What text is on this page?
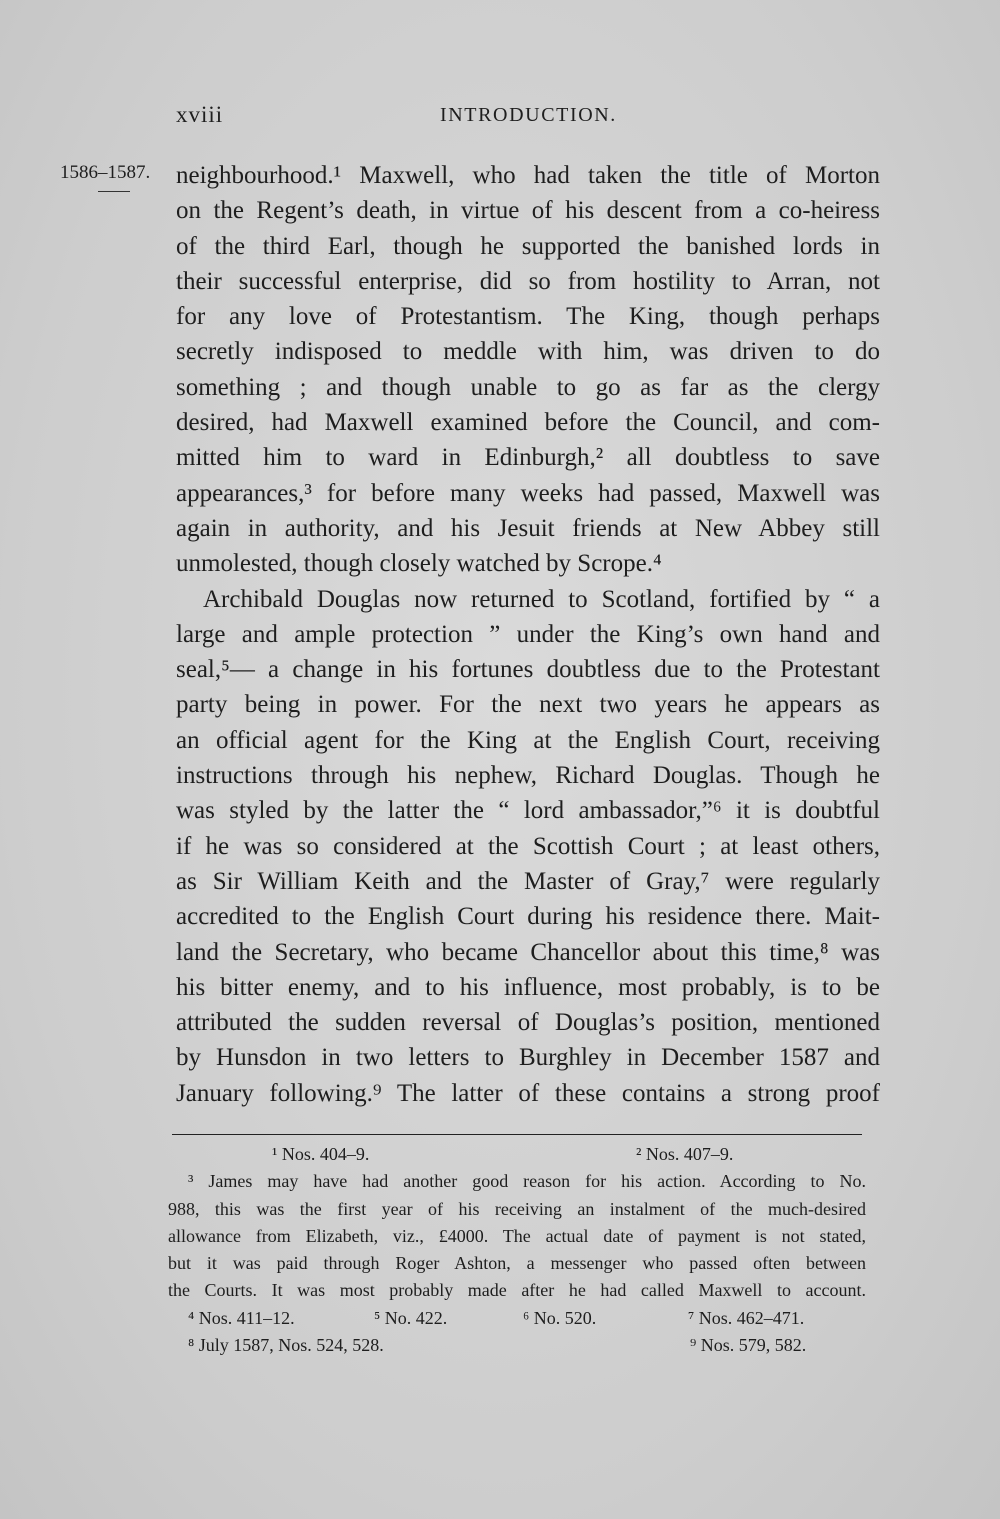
xviii	INTRODUCTION.
1586–1587. neighbourhood.¹ Maxwell, who had taken the title of Morton
on the Regent’s death, in virtue of his descent from a co-heiress
of the third Earl, though he supported the banished lords in
their successful enterprise, did so from hostility to Arran, not
for any love of Protestantism. The King, though perhaps
secretly indisposed to meddle with him, was driven to do
something ; and though unable to go as far as the clergy
desired, had Maxwell examined before the Council, and com-
mitted him to ward in Edinburgh,² all doubtless to save
appearances,³ for before many weeks had passed, Maxwell was
again in authority, and his Jesuit friends at New Abbey still
unmolested, though closely watched by Scrope.⁴
Archibald Douglas now returned to Scotland, fortified by “ a
large and ample protection ” under the King’s own hand and
seal,⁵— a change in his fortunes doubtless due to the Protestant
party being in power. For the next two years he appears as
an official agent for the King at the English Court, receiving
instructions through his nephew, Richard Douglas. Though he
was styled by the latter the “ lord ambassador,”⁶ it is doubtful
if he was so considered at the Scottish Court ; at least others,
as Sir William Keith and the Master of Gray,⁷ were regularly
accredited to the English Court during his residence there. Mait-
land the Secretary, who became Chancellor about this time,⁸ was
his bitter enemy, and to his influence, most probably, is to be
attributed the sudden reversal of Douglas’s position, mentioned
by Hunsdon in two letters to Burghley in December 1587 and
January following.⁹ The latter of these contains a strong proof
¹ Nos. 404–9.	² Nos. 407–9.
³ James may have had another good reason for his action. According to No.
988, this was the first year of his receiving an instalment of the much-desired
allowance from Elizabeth, viz., £4000. The actual date of payment is not stated,
but it was paid through Roger Ashton, a messenger who passed often between
the Courts. It was most probably made after he had called Maxwell to account.
⁴ Nos. 411–12.	⁵ No. 422.	⁶ No. 520.	⁷ Nos. 462–471.
⁸ July 1587, Nos. 524, 528.	⁹ Nos. 579, 582.
